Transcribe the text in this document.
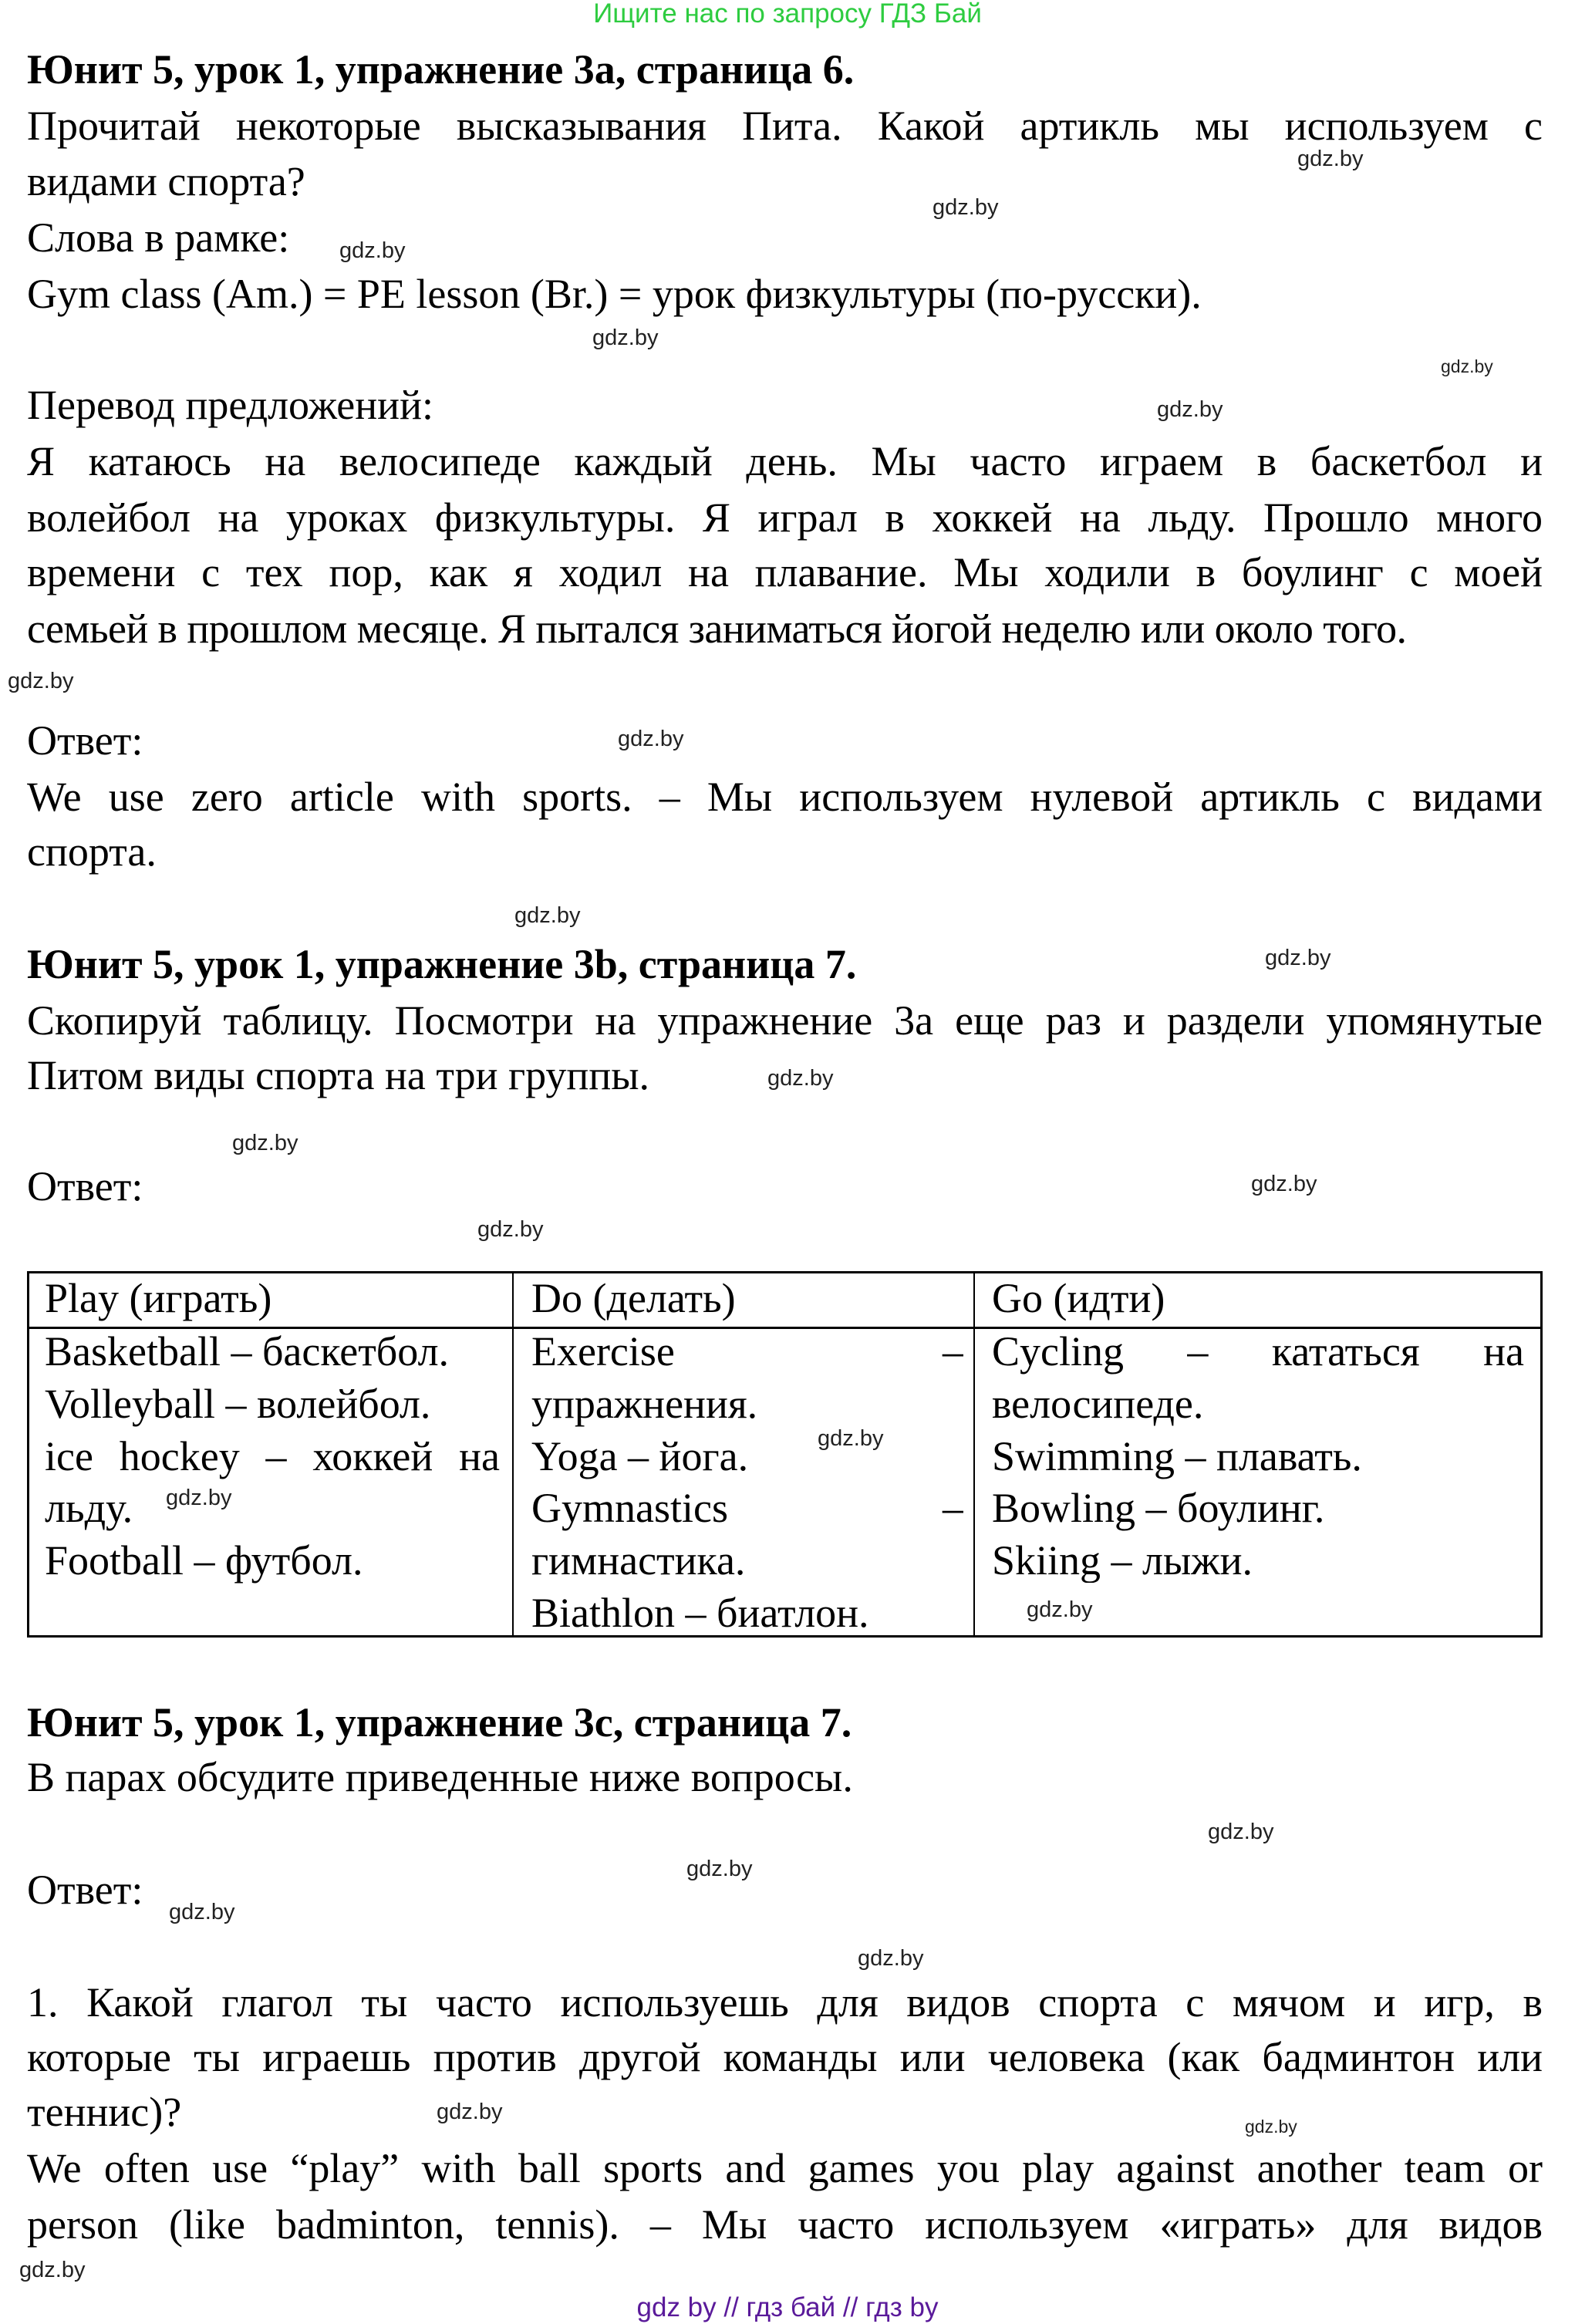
Ищите нас по запросу ГДЗ Бай
Юнит 5, урок 1, упражнение 3a, страница 6.
Прочитай некоторые высказывания Пита. Какой артикль мы используем с
видами спорта?
Слова в рамке:
Gym class (Am.) = PE lesson (Br.) = урок физкультуры (по-русски).
Перевод предложений:
Я катаюсь на велосипеде каждый день. Мы часто играем в баскетбол и
волейбол на уроках физкультуры. Я играл в хоккей на льду. Прошло много
времени с тех пор, как я ходил на плавание. Мы ходили в боулинг с моей
семьей в прошлом месяце. Я пытался заниматься йогой неделю или около того.
Ответ:
We use zero article with sports. – Мы используем нулевой артикль с видами
спорта.
Юнит 5, урок 1, упражнение 3b, страница 7.
Скопируй таблицу. Посмотри на упражнение 3a еще раз и раздели упомянутые
Питом виды спорта на три группы.
Ответ:
Play (играть)	Do (делать)	Go (идти)
Basketball – баскетбол.
Volleyball – волейбол.
ice hockey – хоккей на
льду.
Football – футбол.
Exercise –
упражнения.
Yoga – йога.
Gymnastics –
гимнастика.
Biathlon – биатлон.
Cycling – кататься на
велосипеде.
Swimming – плавать.
Bowling – боулинг.
Skiing – лыжи.
Юнит 5, урок 1, упражнение 3c, страница 7.
В парах обсудите приведенные ниже вопросы.
Ответ:
1. Какой глагол ты часто используешь для видов спорта с мячом и игр, в
которые ты играешь против другой команды или человека (как бадминтон или
теннис)?
We often use “play” with ball sports and games you play against another team or
person (like badminton, tennis). – Мы часто используем «играть» для видов
gdz.by
gdz.by
gdz.by
gdz.by
gdz.by
gdz.by
gdz.by
gdz.by
gdz.by
gdz.by
gdz.by
gdz.by
gdz.by
gdz.by
gdz.by
gdz.by
gdz.by
gdz.by
gdz.by
gdz.by
gdz.by
gdz.by
gdz.by
gdz.by
gdz by // гдз бай // гдз by
